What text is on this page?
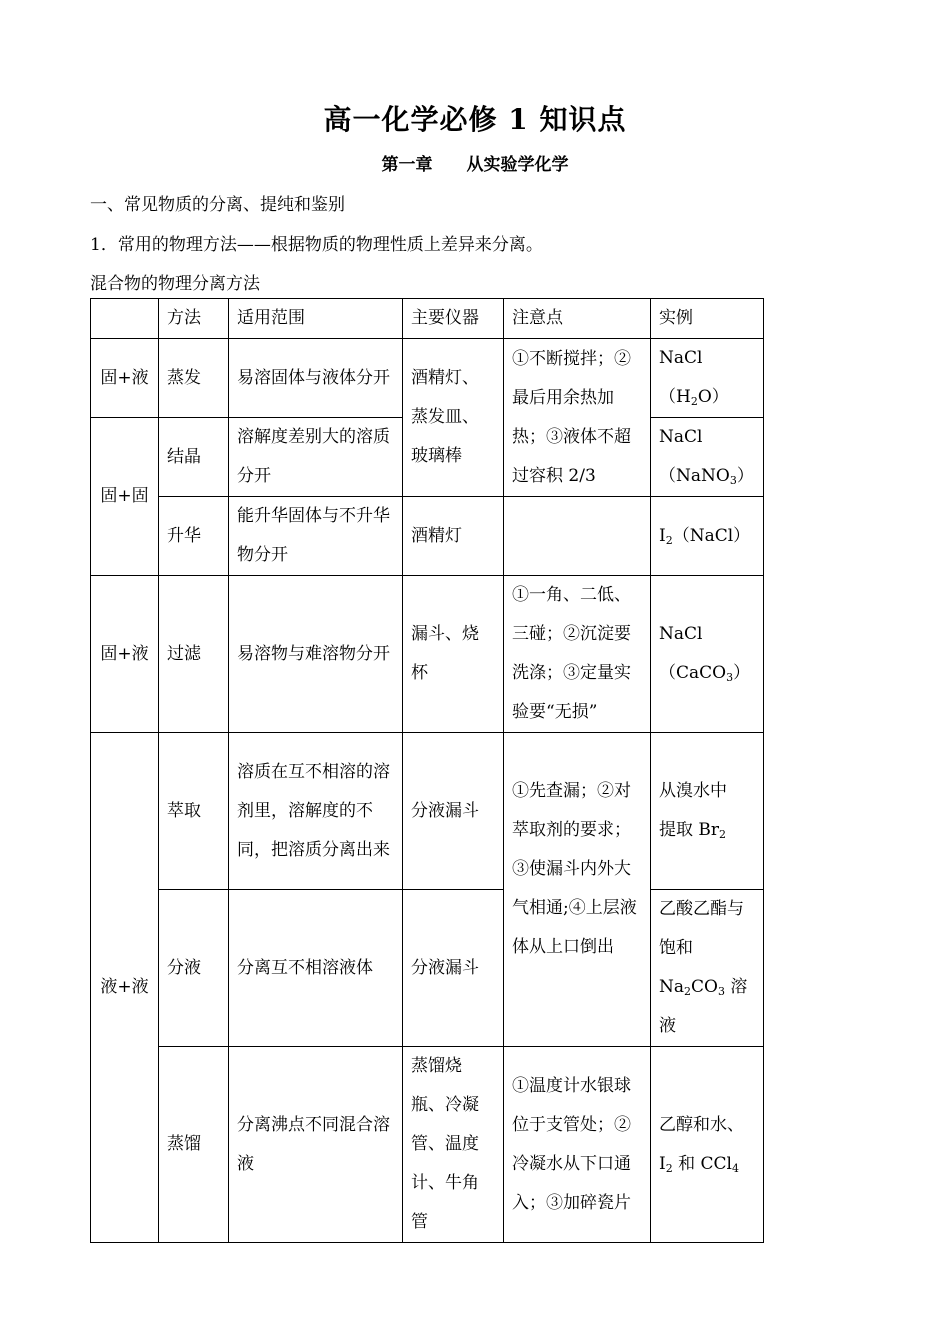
高一化学必修 1 知识点
第一章 从实验学化学
一、常见物质的分离、提纯和鉴别
1．常用的物理方法——根据物质的物理性质上差异来分离。
混合物的物理分离方法
	方法	适用范围	主要仪器	注意点	实例
固+液	蒸发	易溶固体与液体分开	酒精灯、蒸发皿、玻璃棒	①不断搅拌；②最后用余热加热；③液体不超过容积 2/3	NaCl
$(H_2O)$
固+固	结晶	溶解度差别大的溶质分开			NaCl
（NaNO$_3$）
	升华	能升华固体与不升华物分开	酒精灯		$I_2(NaCl)$
固+液	过滤	易溶物与难溶物分开	漏斗、烧杯	①一角、二低、三碰；②沉淀要洗涤；③定量实验要“无损”	NaCl
（CaCO$_3$）
液+液	萃取	溶质在互不相溶的溶剂里，溶解度的不同，把溶质分离出来	分液漏斗	①先查漏；②对萃取剂的要求；③使漏斗内外大气相通;④上层液体从上口倒出	从溴水中
提取 $Br_2$
	分液	分离互不相溶液体	分液漏斗		乙酸乙酯与饱和
$Na_2CO_3$ 溶液
	蒸馏	分离沸点不同混合溶液	蒸馏烧瓶、冷凝管、温度计、牛角管	①温度计水银球位于支管处；②冷凝水从下口通入；③加碎瓷片	乙醇和水、
$I_2$ 和 CCl$_4$
